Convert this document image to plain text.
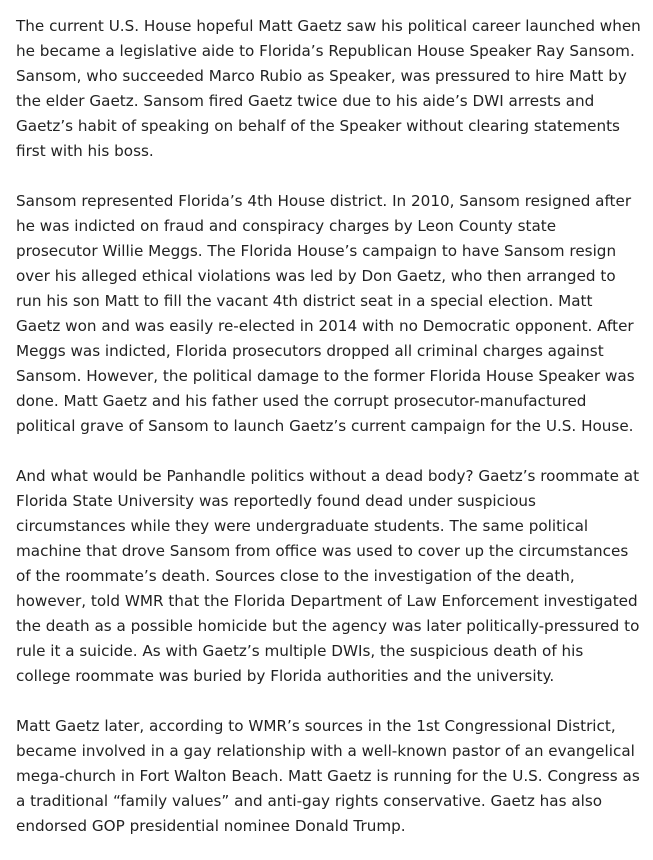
The current U.S. House hopeful Matt Gaetz saw his political career launched when he became a legislative aide to Florida’s Republican House Speaker Ray Sansom. Sansom, who succeeded Marco Rubio as Speaker, was pressured to hire Matt by the elder Gaetz. Sansom fired Gaetz twice due to his aide’s DWI arrests and Gaetz’s habit of speaking on behalf of the Speaker without clearing statements first with his boss.

Sansom represented Florida’s 4th House district. In 2010, Sansom resigned after he was indicted on fraud and conspiracy charges by Leon County state prosecutor Willie Meggs. The Florida House’s campaign to have Sansom resign over his alleged ethical violations was led by Don Gaetz, who then arranged to run his son Matt to fill the vacant 4th district seat in a special election. Matt Gaetz won and was easily re-elected in 2014 with no Democratic opponent. After Meggs was indicted, Florida prosecutors dropped all criminal charges against Sansom. However, the political damage to the former Florida House Speaker was done. Matt Gaetz and his father used the corrupt prosecutor-manufactured political grave of Sansom to launch Gaetz’s current campaign for the U.S. House.

And what would be Panhandle politics without a dead body? Gaetz’s roommate at Florida State University was reportedly found dead under suspicious circumstances while they were undergraduate students. The same political machine that drove Sansom from office was used to cover up the circumstances of the roommate’s death. Sources close to the investigation of the death, however, told WMR that the Florida Department of Law Enforcement investigated the death as a possible homicide but the agency was later politically-pressured to rule it a suicide. As with Gaetz’s multiple DWIs, the suspicious death of his college roommate was buried by Florida authorities and the university.

Matt Gaetz later, according to WMR’s sources in the 1st Congressional District, became involved in a gay relationship with a well-known pastor of an evangelical mega-church in Fort Walton Beach. Matt Gaetz is running for the U.S. Congress as a traditional “family values” and anti-gay rights conservative. Gaetz has also endorsed GOP presidential nominee Donald Trump.
